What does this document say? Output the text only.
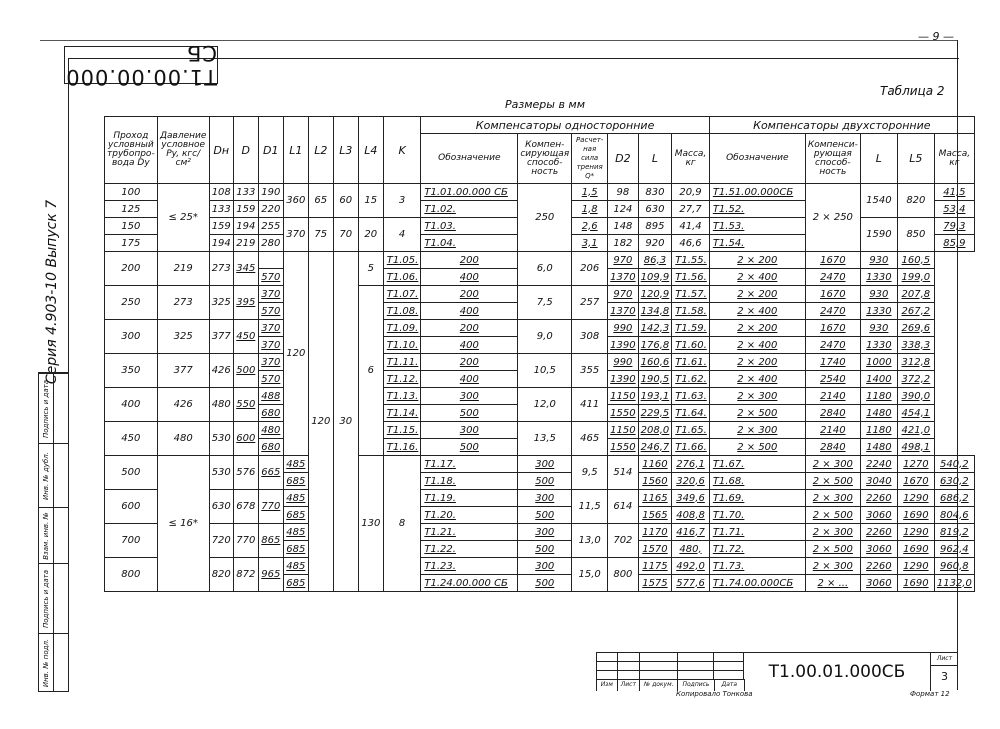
— 9 —
Т1.00.00.000 СБ
Серия 4.903-10 Выпуск 7
Подпись и дата
Инв. № дубл.
Взам. инв. №
Подпись и дата
Инв. № подл.
Таблица 2
Размеры в мм
Проход условный трубопро-вода Dy	Давление условное Py, кгс/см²	Dн	D	D1	L1	L2	L3	L4	K	Компенсаторы односторонние						Компенсаторы двухсторонние				
										Обозначение	Компен-сирующая способ-ность	Расчет-ная сила трения Q*	D2	L	Масса, кг	Обозначение	Компенси-рующая способ-ность	L	L5	Масса, кг
100	≤ 25*	108	133	190	360	65	60	15	3	Т1.01.00.000 СБ	250	1,5	98	830	20,9	Т1.51.00.000СБ	2 × 250	1540	820	41,5
125		133	159	220						Т1.02.		1,8	124	630	27,7	Т1.52.				53,4
150		159	194	255	370	75	70	20	4	Т1.03.		2,6	148	895	41,4	Т1.53.		1590	850	79,3
175		194	219	280						Т1.04.		3,1	182	920	46,6	Т1.54.				85,9
200	219	273	345		120	120	30	5	Т1.05.	200	6,0	206	970	86,3	Т1.55.	2 × 200	1670	930	160,5	
				570					Т1.06.	400			1370	109,9	Т1.56.	2 × 400	2470	1330	199,0	
250	273	325	395	370				6	Т1.07.	200	7,5	257	970	120,9	Т1.57.	2 × 200	1670	930	207,8	
				570					Т1.08.	400			1370	134,8	Т1.58.	2 × 400	2470	1330	267,2	
300	325	377	450	370					Т1.09.	200	9,0	308	990	142,3	Т1.59.	2 × 200	1670	930	269,6	
				370					Т1.10.	400			1390	176,8	Т1.60.	2 × 400	2470	1330	338,3	
350	377	426	500	370					Т1.11.	200	10,5	355	990	160,6	Т1.61.	2 × 200	1740	1000	312,8	
				570					Т1.12.	400			1390	190,5	Т1.62.	2 × 400	2540	1400	372,2	
400	426	480	550	488					Т1.13.	300	12,0	411	1150	193,1	Т1.63.	2 × 300	2140	1180	390,0	
				680					Т1.14.	500			1550	229,5	Т1.64.	2 × 500	2840	1480	454,1	
450	480	530	600	480					Т1.15.	300	13,5	465	1150	208,0	Т1.65.	2 × 300	2140	1180	421,0	
				680					Т1.16.	500			1550	246,7	Т1.66.	2 × 500	2840	1480	498,1	
500	≤ 16*	530	576	665	485			130	8	Т1.17.	300	9,5	514	1160	276,1	Т1.67.	2 × 300	2240	1270	540,2
					685					Т1.18.	500			1560	320,6	Т1.68.	2 × 500	3040	1670	630,2
600		630	678	770	485					Т1.19.	300	11,5	614	1165	349,6	Т1.69.	2 × 300	2260	1290	686,2
					685					Т1.20.	500			1565	408,8	Т1.70.	2 × 500	3060	1690	804,6
700		720	770	865	485					Т1.21.	300	13,0	702	1170	416,7	Т1.71.	2 × 300	2260	1290	819,2
					685					Т1.22.	500			1570	480,	Т1.72.	2 × 500	3060	1690	962,4
800		820	872	965	485					Т1.23.	300	15,0	800	1175	492,0	Т1.73.	2 × 300	2260	1290	960,8
					685					Т1.24.00.000 СБ	500			1575	577,6	Т1.74.00.000СБ	2 × ...	3060	1690	1132,0
Изм	Лист	№ докум.	Подпись	Дата
Т1.00.01.000СБ
Лист
3
Копировало Тонкова	Формат 12
